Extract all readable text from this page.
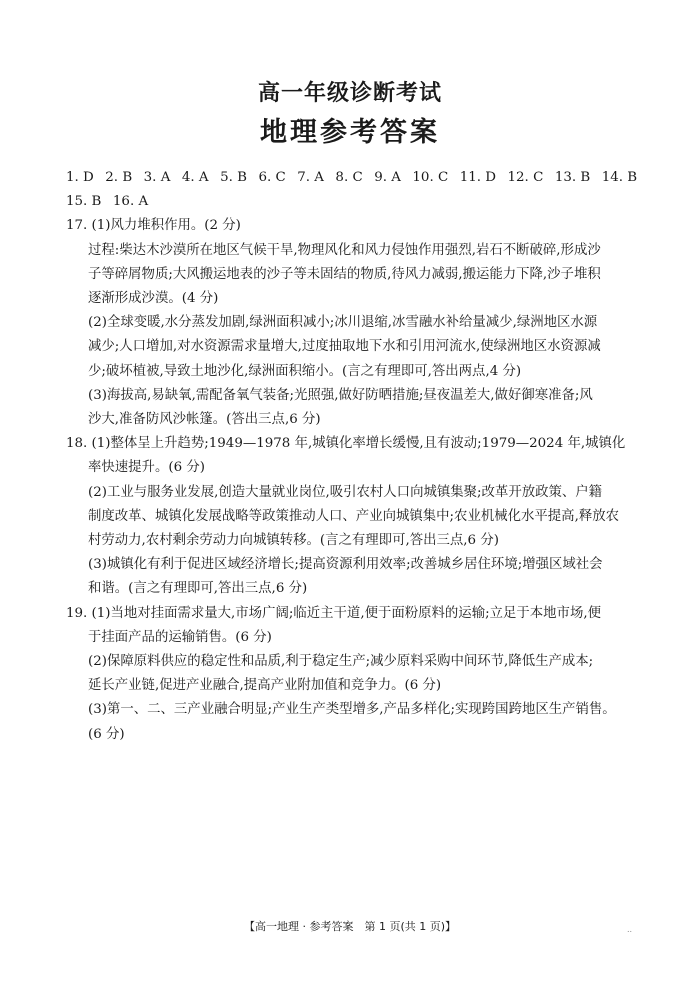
高一年级诊断考试
地理参考答案
1. D 2. B 3. A 4. A 5. B 6. C 7. A 8. C 9. A 10. C 11. D 12. C 13. B 14. B
15. B 16. A
17. (1)风力堆积作用。(2 分)
过程:柴达木沙漠所在地区气候干旱,物理风化和风力侵蚀作用强烈,岩石不断破碎,形成沙
子等碎屑物质;大风搬运地表的沙子等未固结的物质,待风力减弱,搬运能力下降,沙子堆积
逐渐形成沙漠。(4 分)
(2)全球变暖,水分蒸发加剧,绿洲面积减小;冰川退缩,冰雪融水补给量减少,绿洲地区水源
减少;人口增加,对水资源需求量增大,过度抽取地下水和引用河流水,使绿洲地区水资源减
少;破坏植被,导致土地沙化,绿洲面积缩小。(言之有理即可,答出两点,4 分)
(3)海拔高,易缺氧,需配备氧气装备;光照强,做好防晒措施;昼夜温差大,做好御寒准备;风
沙大,准备防风沙帐篷。(答出三点,6 分)
18. (1)整体呈上升趋势;1949—1978 年,城镇化率增长缓慢,且有波动;1979—2024 年,城镇化
率快速提升。(6 分)
(2)工业与服务业发展,创造大量就业岗位,吸引农村人口向城镇集聚;改革开放政策、户籍
制度改革、城镇化发展战略等政策推动人口、产业向城镇集中;农业机械化水平提高,释放农
村劳动力,农村剩余劳动力向城镇转移。(言之有理即可,答出三点,6 分)
(3)城镇化有利于促进区域经济增长;提高资源利用效率;改善城乡居住环境;增强区域社会
和谐。(言之有理即可,答出三点,6 分)
19. (1)当地对挂面需求量大,市场广阔;临近主干道,便于面粉原料的运输;立足于本地市场,便
于挂面产品的运输销售。(6 分)
(2)保障原料供应的稳定性和品质,利于稳定生产;减少原料采购中间环节,降低生产成本;
延长产业链,促进产业融合,提高产业附加值和竞争力。(6 分)
(3)第一、二、三产业融合明显;产业生产类型增多,产品多样化;实现跨国跨地区生产销售。
(6 分)
【高一地理 · 参考答案　第 1 页(共 1 页)】	..
